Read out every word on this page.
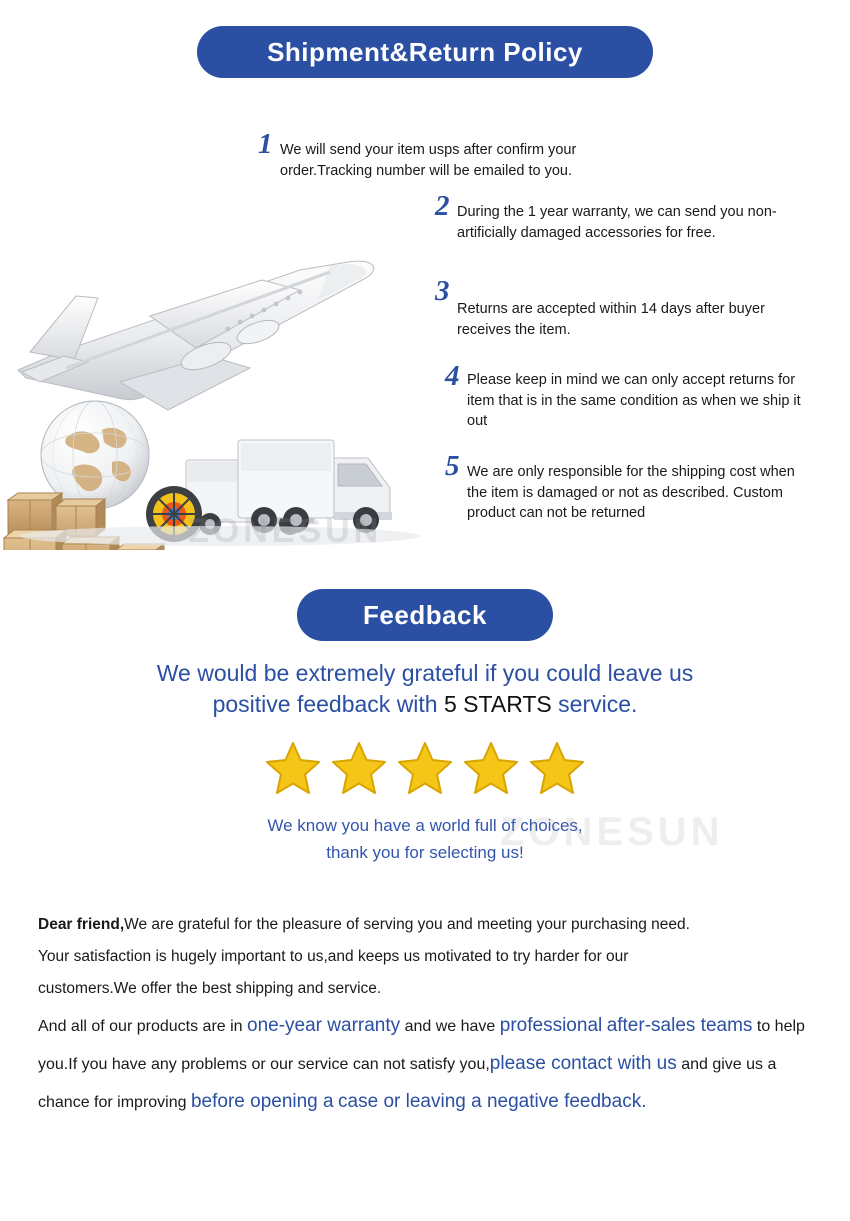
Shipment&Return Policy
ZONESUN
1 We will send your item usps after confirm your order.Tracking number will be emailed to you.
2 During the 1 year warranty, we can send you non-artificially damaged accessories for free.
3
Returns are accepted within 14 days after buyer receives the item.
4 Please keep in mind we can only accept returns for item that is in the same condition as when we ship it out
5 We are only responsible for the shipping cost when the item is damaged or not as described. Custom product can not be returned
Feedback
We would be extremely grateful if you could leave us
positive feedback with 5 STARTS service.

We know you have a world full of choices,
thank you for selecting us!
ZONESUN

Dear friend,We are grateful for the pleasure of serving you and meeting your purchasing need.

Your satisfaction is hugely important to us,and keeps us motivated to try harder for our

customers.We offer the best shipping and service.

And all of our products are in one-year warranty and we have professional after-sales teams to help you.If you have any problems or our service can not satisfy you,please contact with us and give us a chance for improving before opening a case or leaving a negative feedback.
